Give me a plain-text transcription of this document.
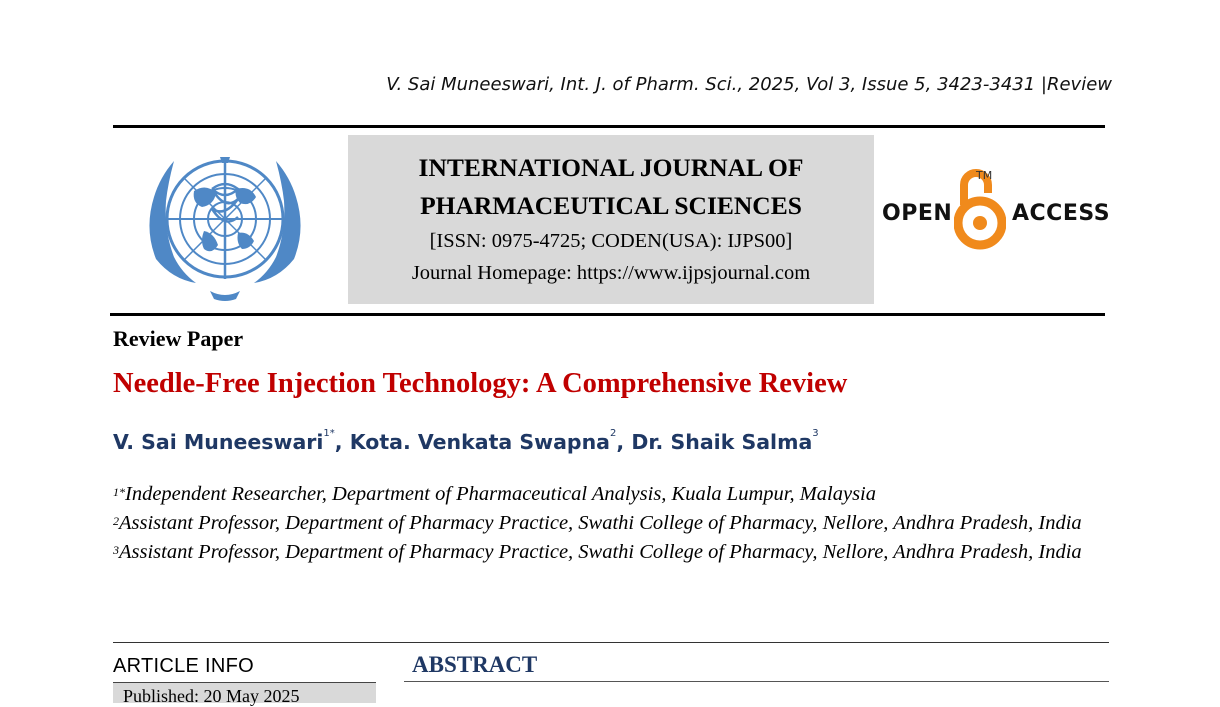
V. Sai Muneeswari, Int. J. of Pharm. Sci., 2025, Vol 3, Issue 5, 3423-3431 |Review
INTERNATIONAL JOURNAL OF
PHARMACEUTICAL SCIENCES
[ISSN: 0975-4725; CODEN(USA): IJPS00]
Journal Homepage: https://www.ijpsjournal.com
OPEN
TM
ACCESS
Review Paper
Needle-Free Injection Technology: A Comprehensive Review
V. Sai Muneeswari$^{1*}$, Kota. Venkata Swapna$^2$, Dr. Shaik Salma$^3$
$^{1*}$Independent Researcher, Department of Pharmaceutical Analysis, Kuala Lumpur, Malaysia
$^2$Assistant Professor, Department of Pharmacy Practice, Swathi College of Pharmacy, Nellore, Andhra Pradesh, India
$^3$Assistant Professor, Department of Pharmacy Practice, Swathi College of Pharmacy, Nellore, Andhra Pradesh, India
ARTICLE INFO
Published: 20 May 2025
ABSTRACT
